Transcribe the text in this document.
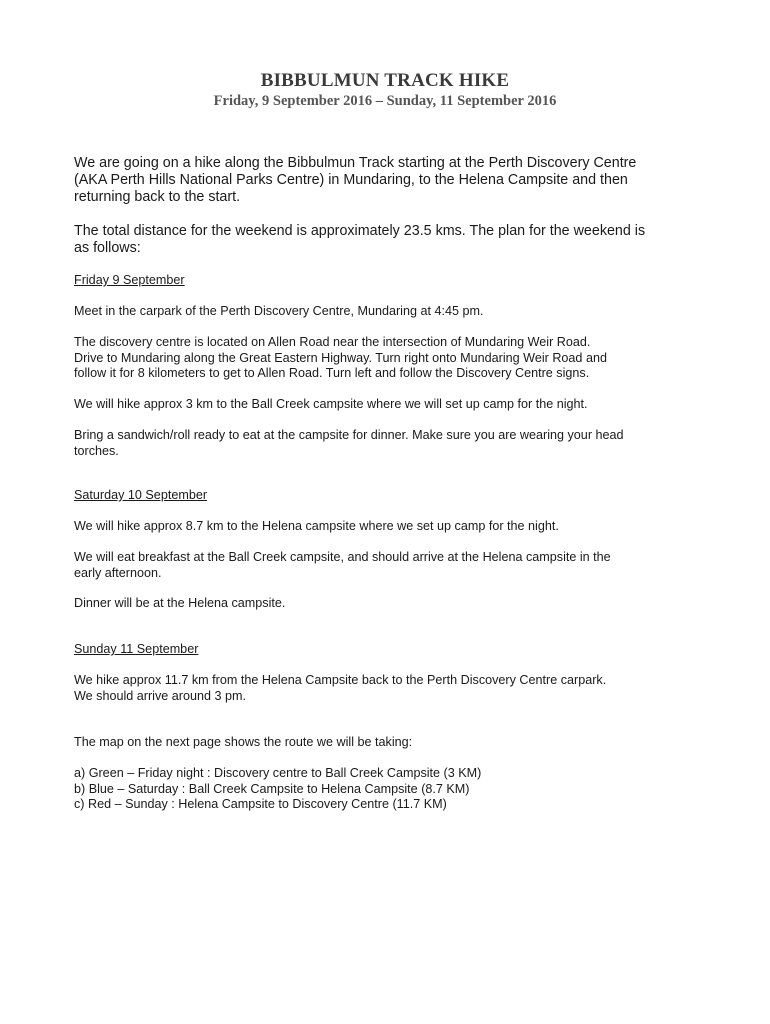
BIBBULMUN TRACK HIKE
Friday, 9 September 2016 – Sunday, 11 September 2016

We are going on a hike along the Bibbulmun Track starting at the Perth Discovery Centre
(AKA Perth Hills National Parks Centre) in Mundaring, to the Helena Campsite and then
returning back to the start.

The total distance for the weekend is approximately 23.5 kms. The plan for the weekend is
as follows:

Friday 9 September

Meet in the carpark of the Perth Discovery Centre, Mundaring at 4:45 pm.

The discovery centre is located on Allen Road near the intersection of Mundaring Weir Road.
Drive to Mundaring along the Great Eastern Highway. Turn right onto Mundaring Weir Road and
follow it for 8 kilometers to get to Allen Road. Turn left and follow the Discovery Centre signs.

We will hike approx 3 km to the Ball Creek campsite where we will set up camp for the night.

Bring a sandwich/roll ready to eat at the campsite for dinner. Make sure you are wearing your head
torches.

Saturday 10 September

We will hike approx 8.7 km to the Helena campsite where we set up camp for the night.

We will eat breakfast at the Ball Creek campsite, and should arrive at the Helena campsite in the
early afternoon.

Dinner will be at the Helena campsite.

Sunday 11 September

We hike approx 11.7 km from the Helena Campsite back to the Perth Discovery Centre carpark.
We should arrive around 3 pm.

The map on the next page shows the route we will be taking:

a) Green – Friday night : Discovery centre to Ball Creek Campsite (3 KM)
b) Blue – Saturday : Ball Creek Campsite to Helena Campsite (8.7 KM)
c) Red – Sunday : Helena Campsite to Discovery Centre (11.7 KM)
